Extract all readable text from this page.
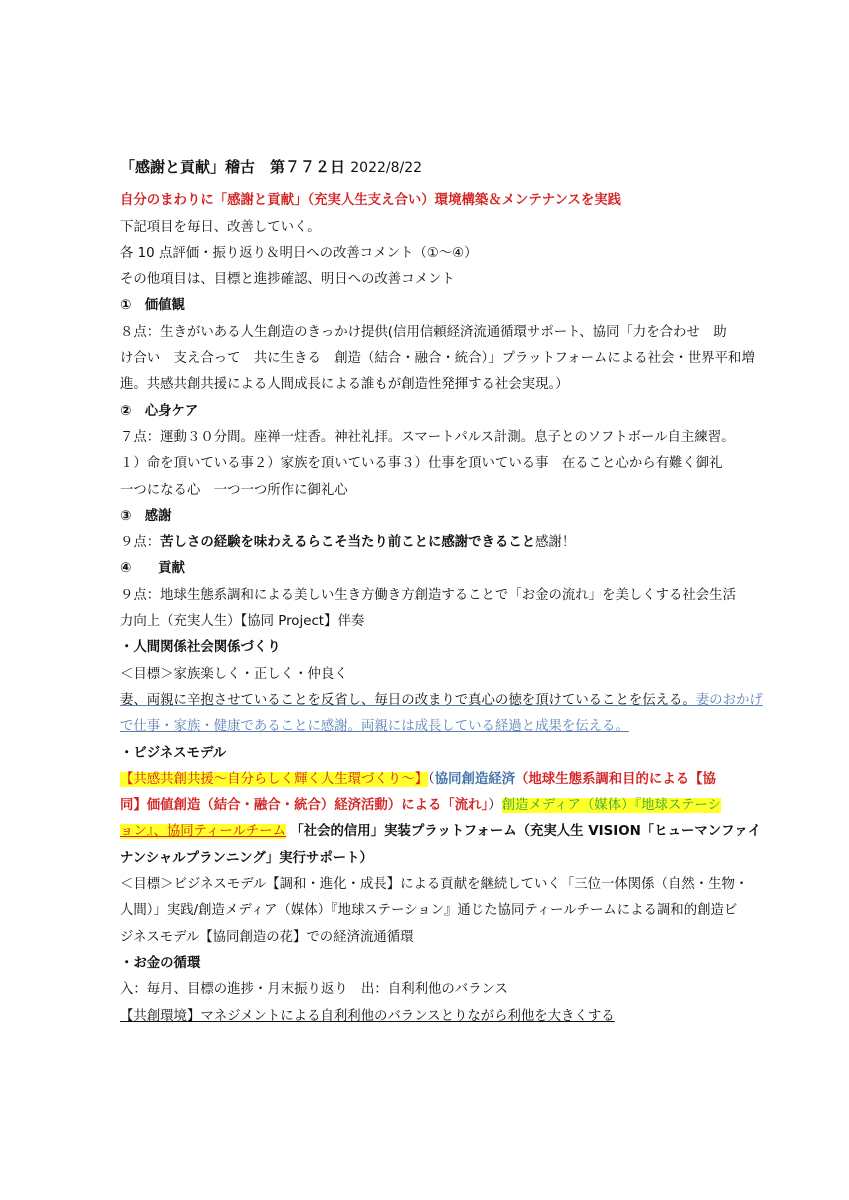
「感謝と貢献」稽古　第７７２日 2022/8/22
自分のまわりに「感謝と貢献」（充実人生支え合い）環境構築＆メンテナンスを実践
下記項目を毎日、改善していく。
各 10 点評価・振り返り＆明日への改善コメント（①～④）
その他項目は、目標と進捗確認、明日への改善コメント
①　価値観
８点：生きがいある人生創造のきっかけ提供(信用信頼経済流通循環サポート、協同「力を合わせ　助
け合い　支え合って　共に生きる　創造（結合・融合・統合）」プラットフォームによる社会・世界平和増
進。共感共創共援による人間成長による誰もが創造性発揮する社会実現。）
②　心身ケア
７点：運動３０分間。座禅一炷香。神社礼拝。スマートパルス計測。息子とのソフトボール自主練習。
１）命を頂いている事２）家族を頂いている事３）仕事を頂いている事　在ること心から有難く御礼
一つになる心　一つ一つ所作に御礼心
③　感謝
９点：苦しさの経験を味わえるらこそ当たり前ことに感謝できること感謝！
④　　貢献
９点：地球生態系調和による美しい生き方働き方創造することで「お金の流れ」を美しくする社会生活
力向上（充実人生）【協同 Project】伴奏
・人間関係社会関係づくり
＜目標＞家族楽しく・正しく・仲良く
妻、両親に辛抱させていることを反省し、毎日の改まりで真心の徳を頂けていることを伝える。妻のおかげ
で仕事・家族・健康であることに感謝。両親には成長している経過と成果を伝える。
・ビジネスモデル
【共感共創共援～自分らしく輝く人生環づくり～】（協同創造経済（地球生態系調和目的による【協
同】価値創造（結合・融合・統合）経済活動）による「流れ」）創造メディア（媒体）『地球ステーシ
ョン』、協同ティールチーム 「社会的信用」実装プラットフォーム（充実人生 VISION「ヒューマンファイ
ナンシャルプランニング」実行サポート）
＜目標＞ビジネスモデル【調和・進化・成長】による貢献を継続していく「三位一体関係（自然・生物・
人間）」実践/創造メディア（媒体）『地球ステーション』通じた協同ティールチームによる調和的創造ビ
ジネスモデル【協同創造の花】での経済流通循環
・お金の循環
入：毎月、目標の進捗・月末振り返り　出：自利利他のバランス
【共創環境】マネジメントによる自利利他のバランスとりながら利他を大きくする
